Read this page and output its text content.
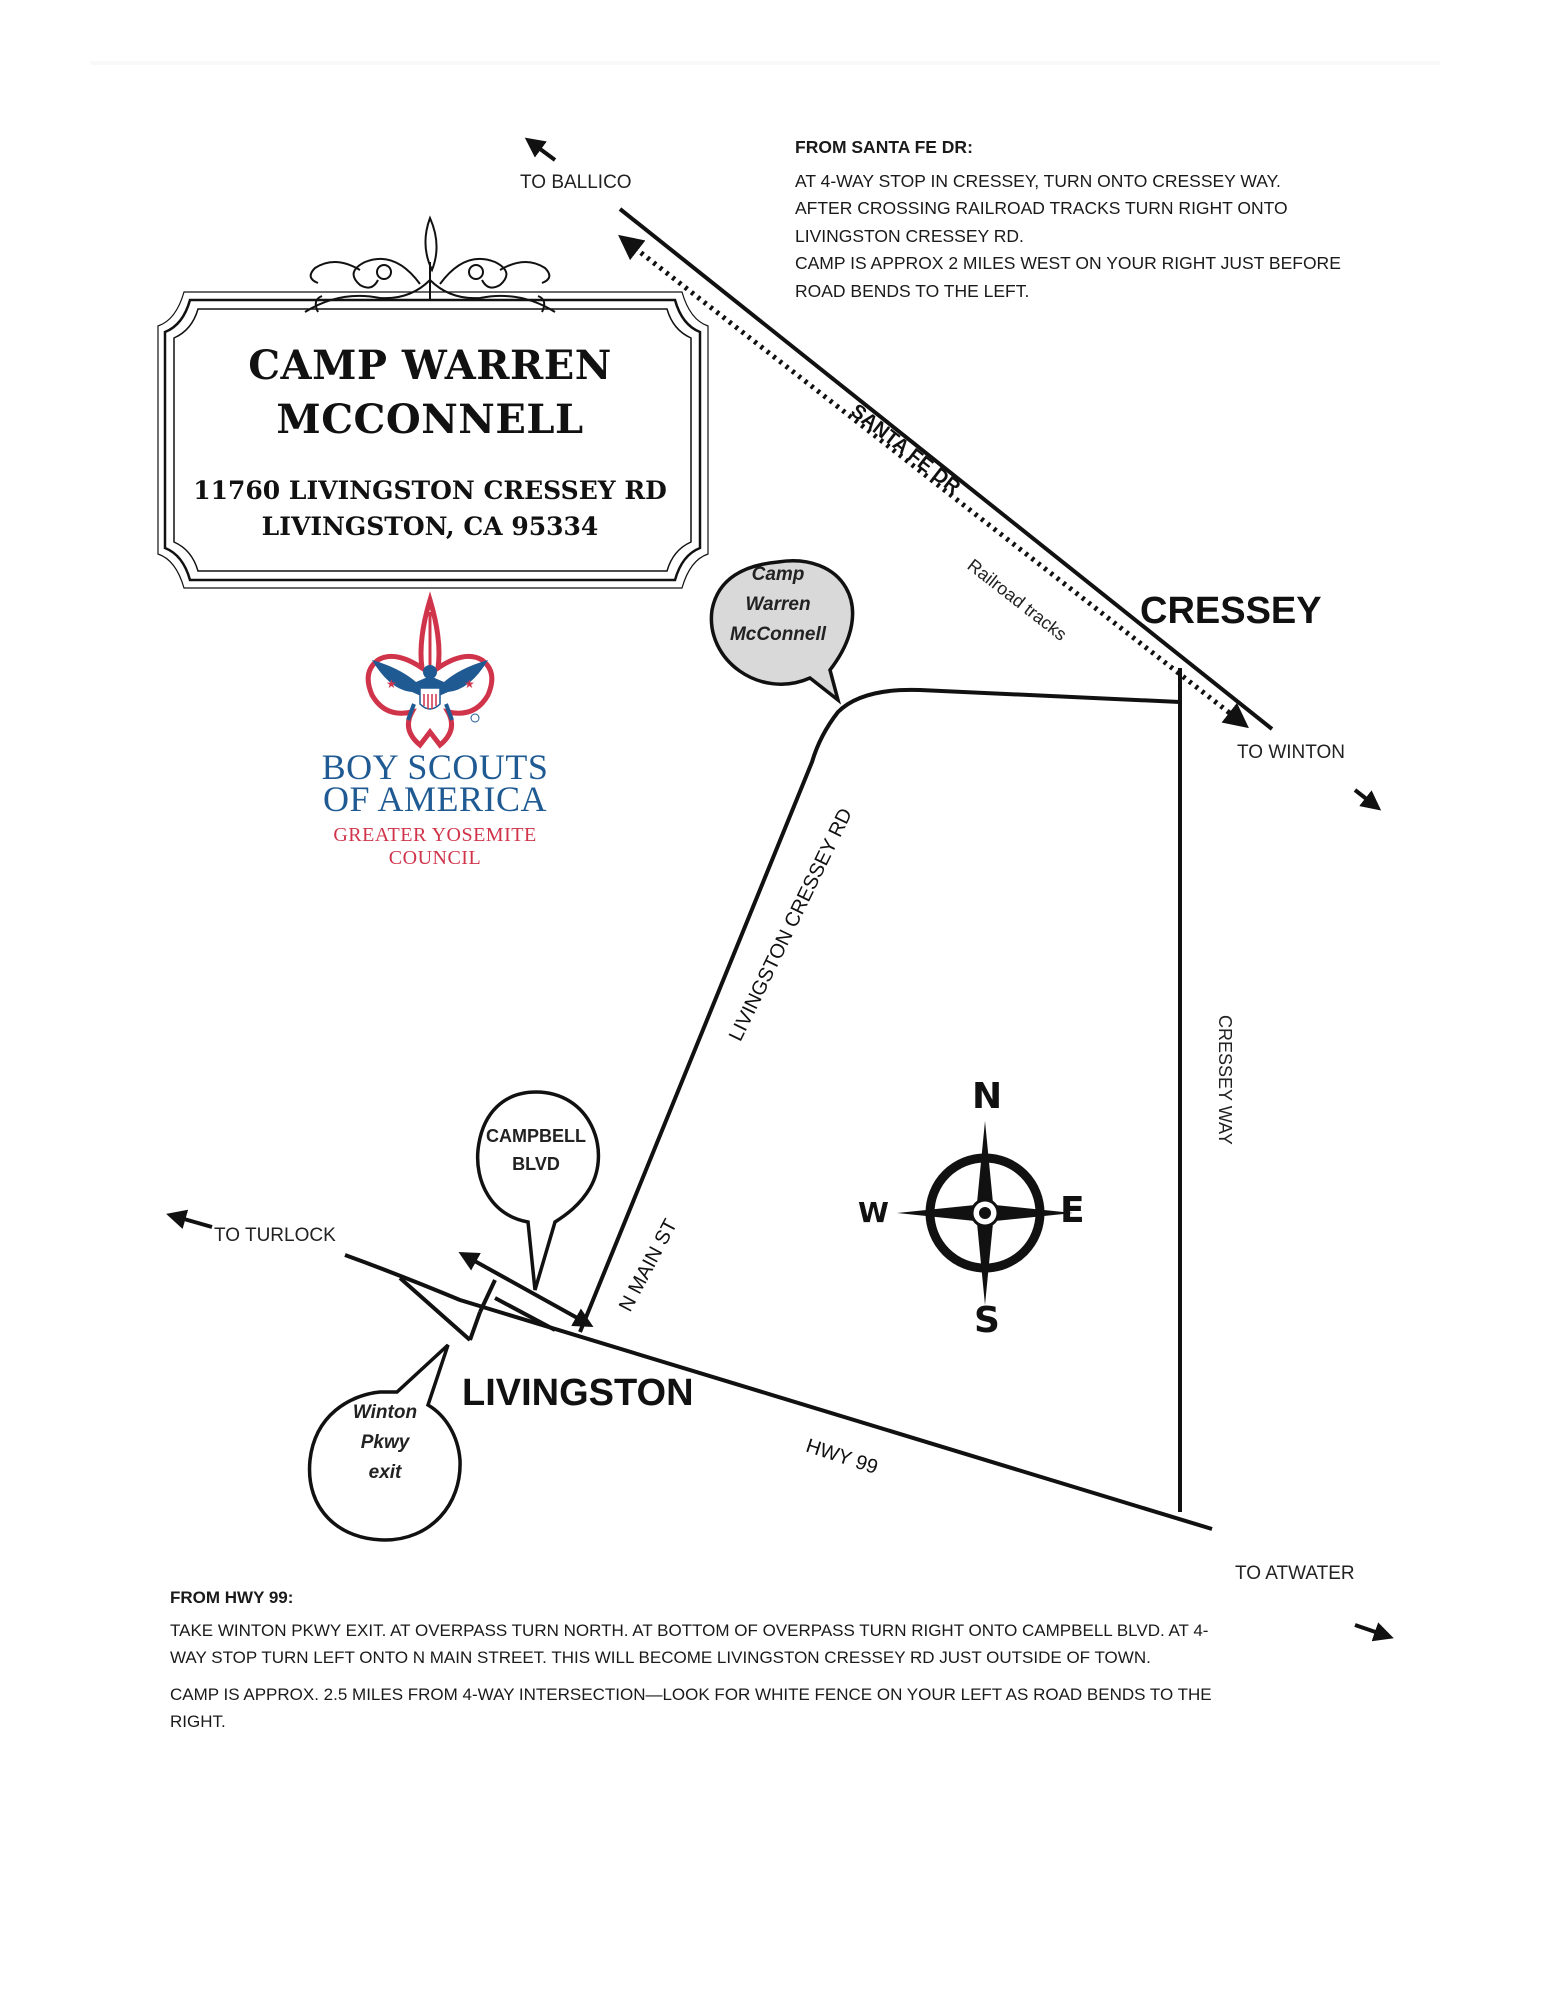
★	★
CAMP WARREN
MCCONNELL
11760 LIVINGSTON CRESSEY RD
LIVINGSTON, CA 95334
BOY SCOUTS
OF AMERICA
GREATER YOSEMITE
COUNCIL

FROM SANTA FE DR:

AT 4-WAY STOP IN CRESSEY, TURN ONTO CRESSEY WAY.

AFTER CROSSING RAILROAD TRACKS TURN RIGHT ONTO

LIVINGSTON CRESSEY RD.

CAMP IS APPROX 2 MILES WEST ON YOUR RIGHT JUST BEFORE

ROAD BENDS TO THE LEFT.

FROM HWY 99:

TAKE WINTON PKWY EXIT. AT OVERPASS TURN NORTH. AT BOTTOM OF OVERPASS TURN RIGHT ONTO CAMPBELL BLVD. AT 4-WAY STOP TURN LEFT ONTO N MAIN STREET. THIS WILL BECOME LIVINGSTON CRESSEY RD JUST OUTSIDE OF TOWN.

CAMP IS APPROX. 2.5 MILES FROM 4-WAY INTERSECTION—LOOK FOR WHITE FENCE ON YOUR LEFT AS ROAD BENDS TO THE RIGHT.

TO BALLICO
TO WINTON
TO TURLOCK
TO ATWATER
CRESSEY
LIVINGSTON
SANTA FE DR
Railroad tracks
LIVINGSTON CRESSEY RD
CRESSEY WAY
N MAIN ST
HWY 99
Camp
Warren
McConnell
CAMPBELL
BLVD
Winton
Pkwy
exit
N
E
S
W
